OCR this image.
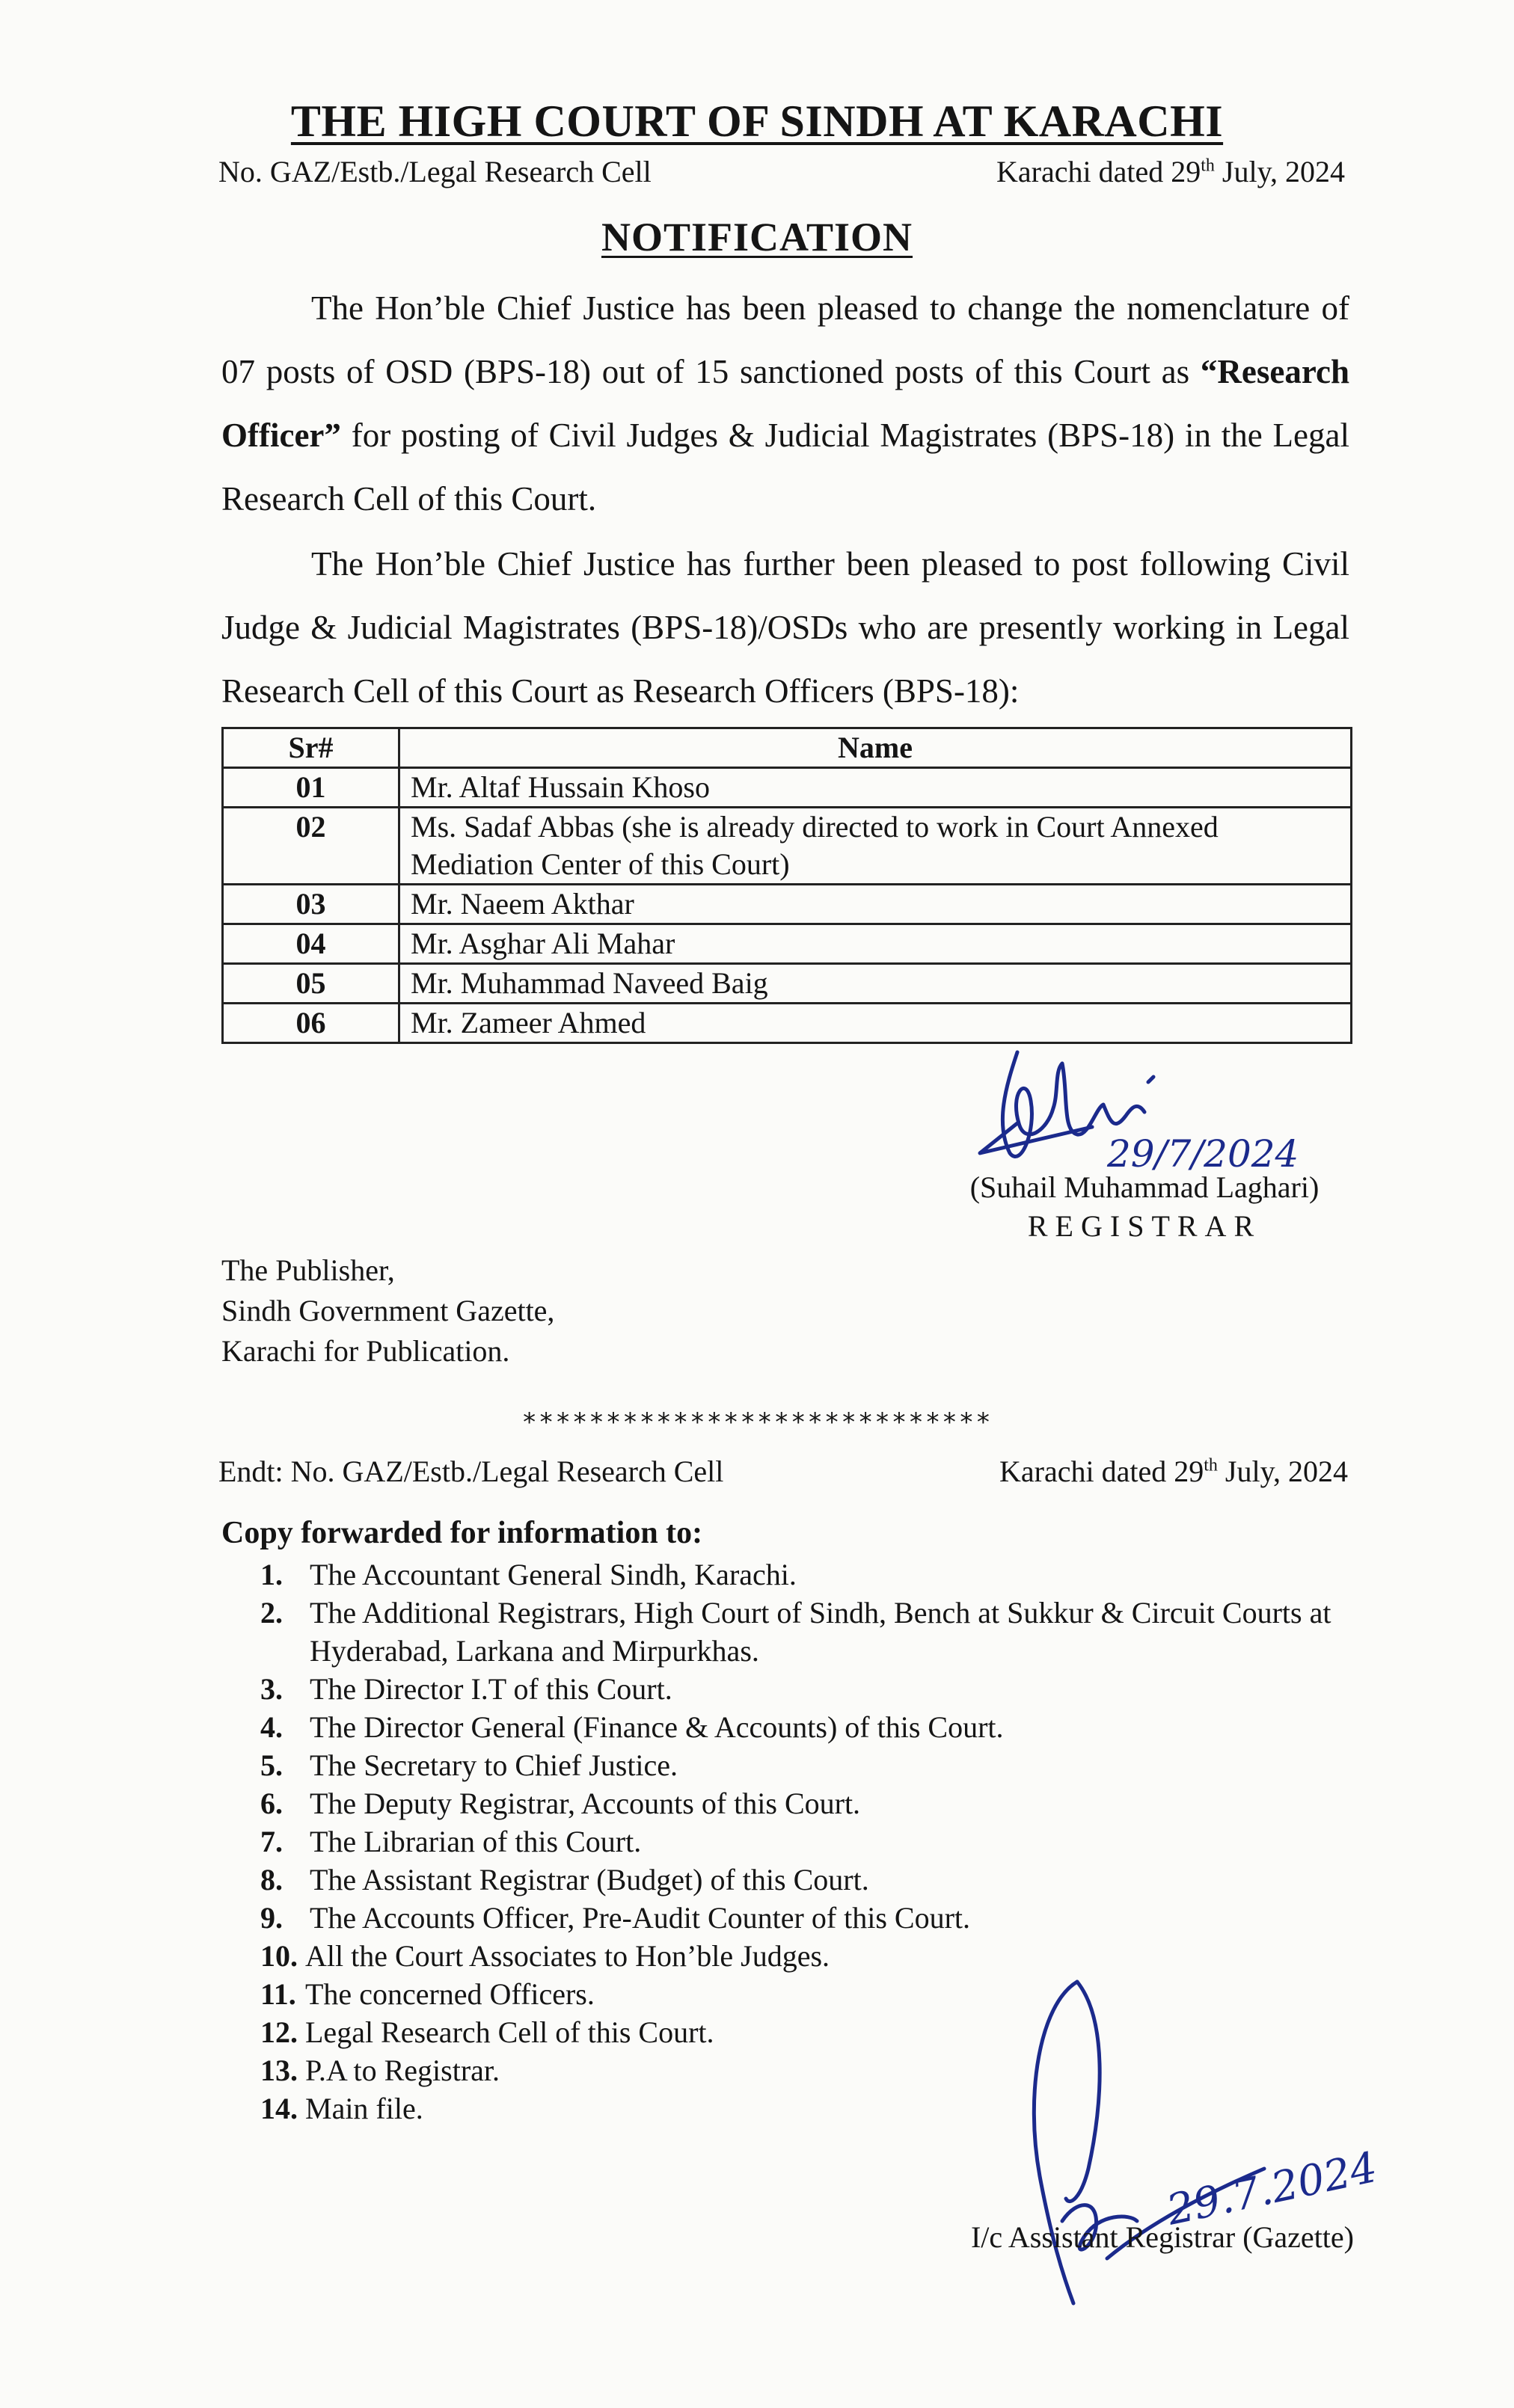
THE HIGH COURT OF SINDH AT KARACHI
No. GAZ/Estb./Legal Research Cell	Karachi dated 29th July, 2024
NOTIFICATION
The Hon’ble Chief Justice has been pleased to change the nomenclature of 07 posts of OSD (BPS-18) out of 15 sanctioned posts of this Court as “Research Officer” for posting of Civil Judges & Judicial Magistrates (BPS-18) in the Legal Research Cell of this Court.
The Hon’ble Chief Justice has further been pleased to post following Civil Judge & Judicial Magistrates (BPS-18)/OSDs who are presently working in Legal Research Cell of this Court as Research Officers (BPS-18):
Sr#	Name
01	Mr. Altaf Hussain Khoso
02	Ms. Sadaf Abbas (she is already directed to work in Court Annexed Mediation Center of this Court)
03	Mr. Naeem Akthar
04	Mr. Asghar Ali Mahar
05	Mr. Muhammad Naveed Baig
06	Mr. Zameer Ahmed
29/7/2024
(Suhail Muhammad Laghari)
REGISTRAR
The Publisher,
Sindh Government Gazette,
Karachi for Publication.
****************************
Endt: No. GAZ/Estb./Legal Research Cell	Karachi dated 29th July, 2024
Copy forwarded for information to:
1. The Accountant General Sindh, Karachi.
2. The Additional Registrars, High Court of Sindh, Bench at Sukkur & Circuit Courts at Hyderabad, Larkana and Mirpurkhas.
3. The Director I.T of this Court.
4. The Director General (Finance & Accounts) of this Court.
5. The Secretary to Chief Justice.
6. The Deputy Registrar, Accounts of this Court.
7. The Librarian of this Court.
8. The Assistant Registrar (Budget) of this Court.
9. The Accounts Officer, Pre-Audit Counter of this Court.
10. All the Court Associates to Hon’ble Judges.
11. The concerned Officers.
12. Legal Research Cell of this Court.
13. P.A to Registrar.
14. Main file.
29.7.2024
I/c Assistant Registrar (Gazette)
